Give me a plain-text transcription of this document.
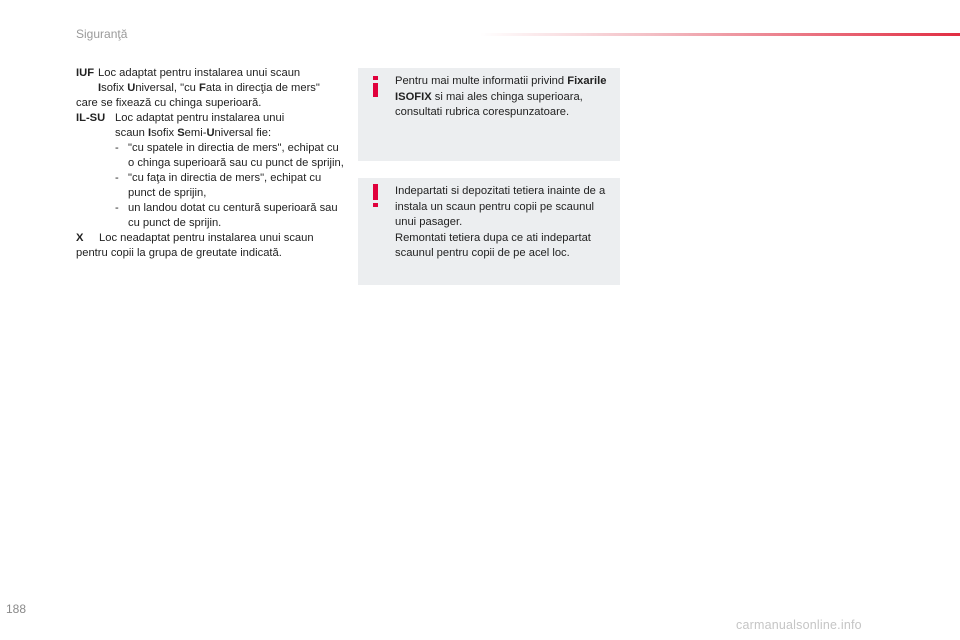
Siguranţă
IUF Loc adaptat pentru instalarea unui scaun
Isofix Universal, "cu Fata in direcţia de mers"
care se fixează cu chinga superioară.
IL-SU Loc adaptat pentru instalarea unui
scaun Isofix Semi-Universal fie:
- "cu spatele in directia de mers", echipat cu o chinga superioară sau cu punct de sprijin,
- "cu faţa in directia de mers", echipat cu punct de sprijin,
- un landou dotat cu centură superioară sau cu punct de sprijin.
X Loc neadaptat pentru instalarea unui scaun pentru copii la grupa de greutate indicată.
Pentru mai multe informatii privind Fixarile ISOFIX si mai ales chinga superioara, consultati rubrica corespunzatoare.
Indepartati si depozitati tetiera inainte de a instala un scaun pentru copii pe scaunul unui pasager.
Remontati tetiera dupa ce ati indepartat scaunul pentru copii de pe acel loc.
188
carmanualsonline.info
